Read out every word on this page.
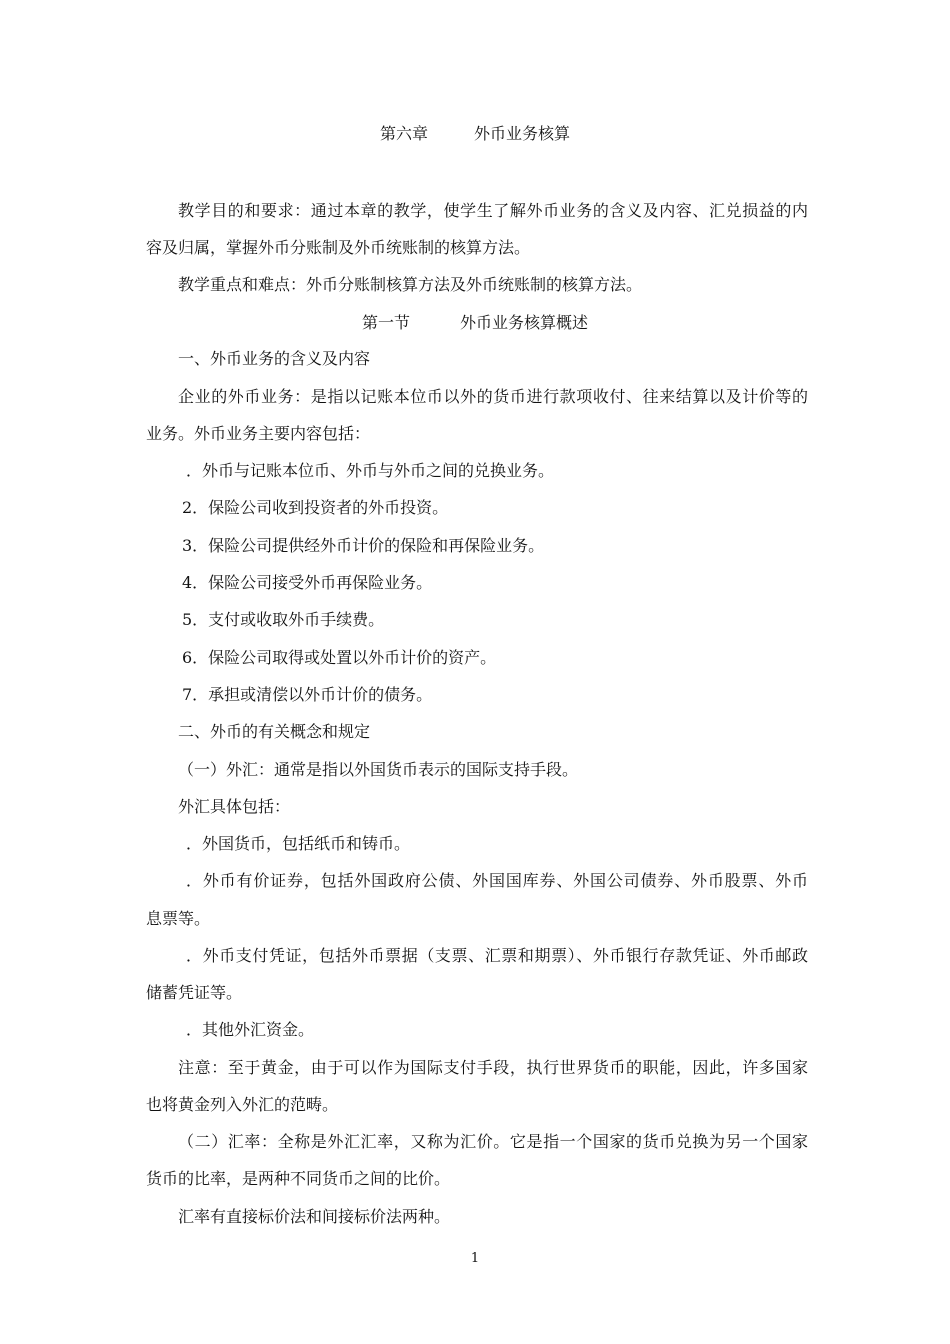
第六章	外币业务核算
教学目的和要求：通过本章的教学，使学生了解外币业务的含义及内容、汇兑损益的内
容及归属，掌握外币分账制及外币统账制的核算方法。
教学重点和难点：外币分账制核算方法及外币统账制的核算方法。
第一节	外币业务核算概述
一、外币业务的含义及内容
企业的外币业务：是指以记账本位币以外的货币进行款项收付、往来结算以及计价等的
业务。外币业务主要内容包括：
．外币与记账本位币、外币与外币之间的兑换业务。
2．保险公司收到投资者的外币投资。
3．保险公司提供经外币计价的保险和再保险业务。
4．保险公司接受外币再保险业务。
5．支付或收取外币手续费。
6．保险公司取得或处置以外币计价的资产。
7．承担或清偿以外币计价的债务。
二、外币的有关概念和规定
（一）外汇：通常是指以外国货币表示的国际支持手段。
外汇具体包括：
．外国货币，包括纸币和铸币。
．外币有价证券，包括外国政府公债、外国国库券、外国公司债券、外币股票、外币
息票等。
．外币支付凭证，包括外币票据（支票、汇票和期票）、外币银行存款凭证、外币邮政
储蓄凭证等。
．其他外汇资金。
注意：至于黄金，由于可以作为国际支付手段，执行世界货币的职能，因此，许多国家
也将黄金列入外汇的范畴。
（二）汇率：全称是外汇汇率，又称为汇价。它是指一个国家的货币兑换为另一个国家
货币的比率，是两种不同货币之间的比价。
汇率有直接标价法和间接标价法两种。
1
